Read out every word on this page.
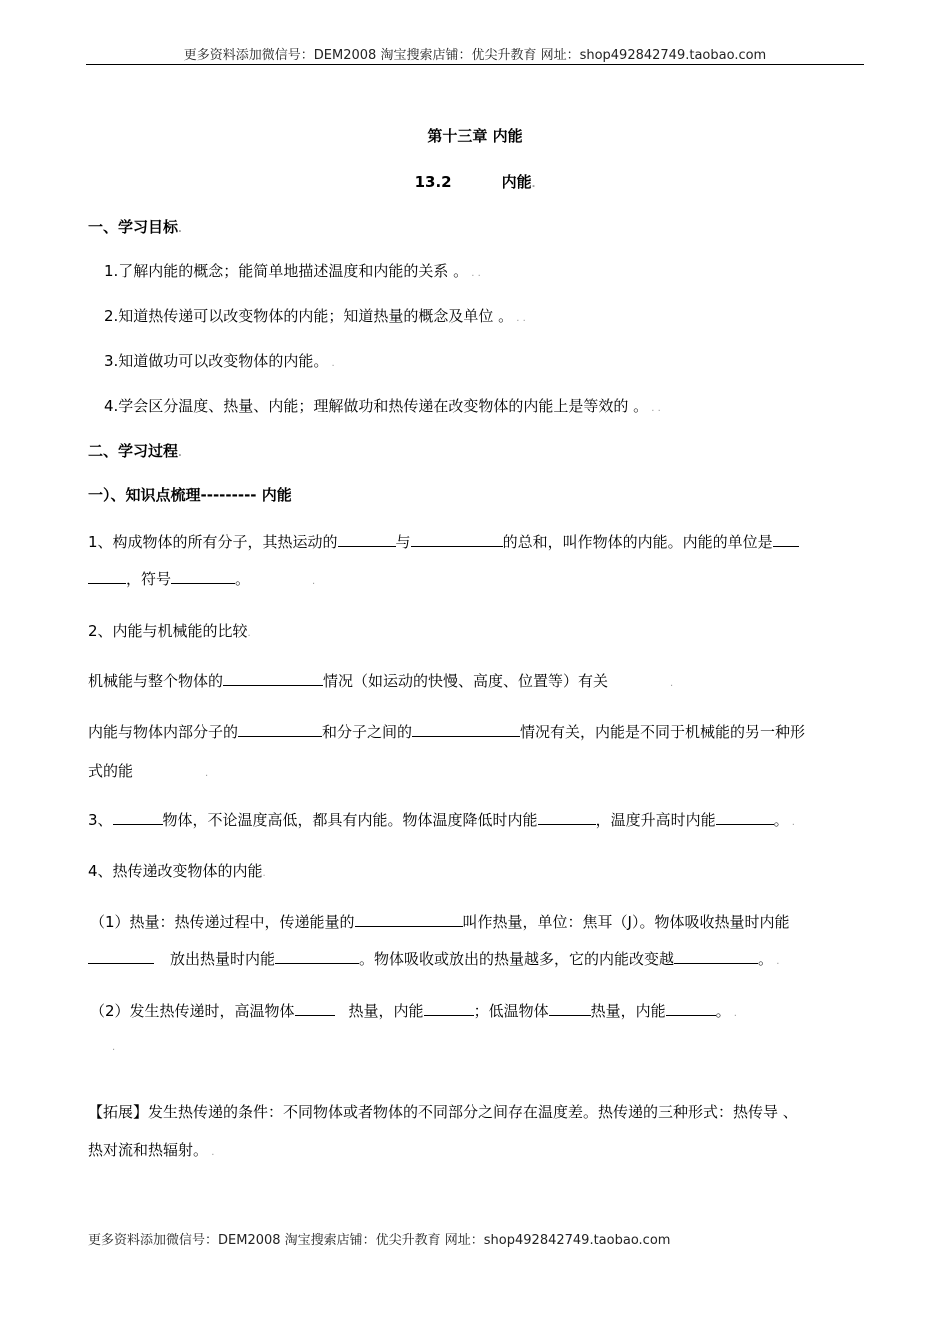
更多资料添加微信号：DEM2008 淘宝搜索店铺：优尖升教育 网址：shop492842749.taobao.com
第十三章 内能
13.2	内能.
一、学习目标.
1.了解内能的概念；能简单地描述温度和内能的关系 。 . .
2.知道热传递可以改变物体的内能；知道热量的概念及单位 。 . .
3.知道做功可以改变物体的内能。 .
4.学会区分温度、热量、内能；理解做功和热传递在改变物体的内能上是等效的 。 . .
二、学习过程.
一）、知识点梳理--------- 内能
1、构成物体的所有分子，其热运动的	与	的总和，叫作物体的内能。内能的单位是
，符号	。	.
2、内能与机械能的比较.
机械能与整个物体的	情况（如运动的快慢、高度、位置等）有关	.
内能与物体内部分子的	和分子之间的	情况有关，内能是不同于机械能的另一种形
式的能	.
3、	物体，不论温度高低，都具有内能。物体温度降低时内能	，温度升高时内能	。 .
4、热传递改变物体的内能.
（1）热量：热传递过程中，传递能量的	叫作热量，单位：焦耳（J）。物体吸收热量时内能
放出热量时内能	。物体吸收或放出的热量越多，它的内能改变越	。 .
（2）发生热传递时，高温物体	热量，内能	；低温物体	热量，内能	。 .
.
【拓展】发生热传递的条件：不同物体或者物体的不同部分之间存在温度差。热传递的三种形式：热传导 、
热对流和热辐射。 .
更多资料添加微信号：DEM2008 淘宝搜索店铺：优尖升教育 网址：shop492842749.taobao.com
